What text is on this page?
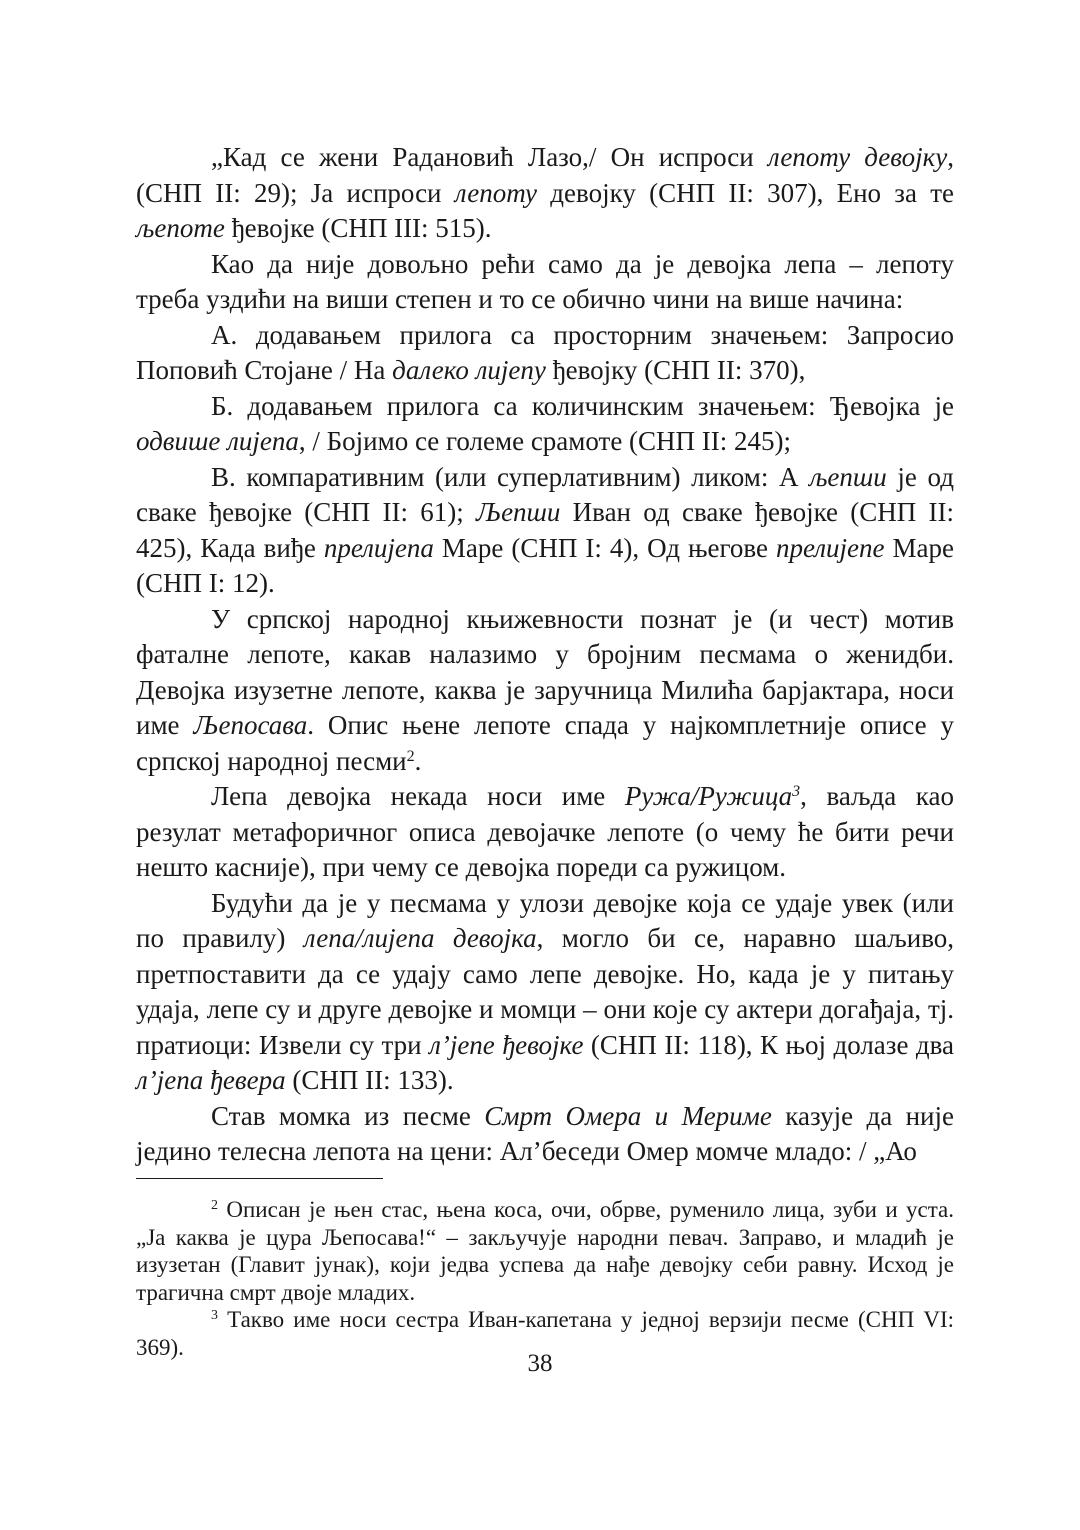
„Кад се жени Радановић Лазо,/ Он испроси лепоту девојку, (СНП II: 29); Ја испроси лепоту девојку (СНП II: 307), Ено за те љепоте ђевојке (СНП III: 515).

Као да није довољно рећи само да је девојка лепа – лепоту треба уздићи на виши степен и то се обично чини на више начина:

А. додавањем прилога са просторним значењем: Запросио Поповић Стојане / На далеко лијепу ђевојку (СНП II: 370),

Б. додавањем прилога са количинским значењем: Ђевојка је одвише лијепа, / Бојимо се големе срамоте (СНП II: 245);

В. компаративним (или суперлативним) ликом: А љепши је од сваке ђевојке (СНП II: 61); Љепши Иван од сваке ђевојке (СНП II: 425), Када виђе прелијепа Маре (СНП I: 4), Од његове прелијепе Маре (СНП I: 12).

У српској народној књижевности познат је (и чест) мотив фаталне лепоте, какав налазимо у бројним песмама о женидби. Девојка изузетне лепоте, каква је заручница Милића барјактара, носи име Љепосава. Опис њене лепоте спада у најкомплетније описе у српској народној песми$^2$.

Лепа девојка некада носи име Ружа/Ружица$^3$, ваљда као резулат метафоричног описа девојачке лепоте (о чему ће бити речи нешто касније), при чему се девојка пореди са ружицом.

Будући да је у песмама у улози девојке која се удаје увек (или по правилу) лепа/лијепа девојка, могло би се, наравно шаљиво, претпоставити да се удају само лепе девојке. Но, када је у питању удаја, лепе су и друге девојке и момци – они које су актери догађаја, тј. пратиоци: Извели су три л’јепе ђевојке (СНП II: 118), К њој долазе два л’јепа ђевера (СНП II: 133).

Став момка из песме Смрт Омера и Мериме казује да није једино телесна лепота на цени: Ал’беседи Омер момче младо: / „Ао

$^2$ Описан је њен стас, њена коса, очи, обрве, руменило лица, зуби и уста. „Ја каква је цура Љепосава!“ – закључује народни певач. Заправо, и младић је изузетан (Главит јунак), који једва успева да нађе девојку себи равну. Исход је трагична смрт двоје младих.

$^3$ Такво име носи сестра Иван-капетана у једној верзији песме (СНП VI: 369).

38
